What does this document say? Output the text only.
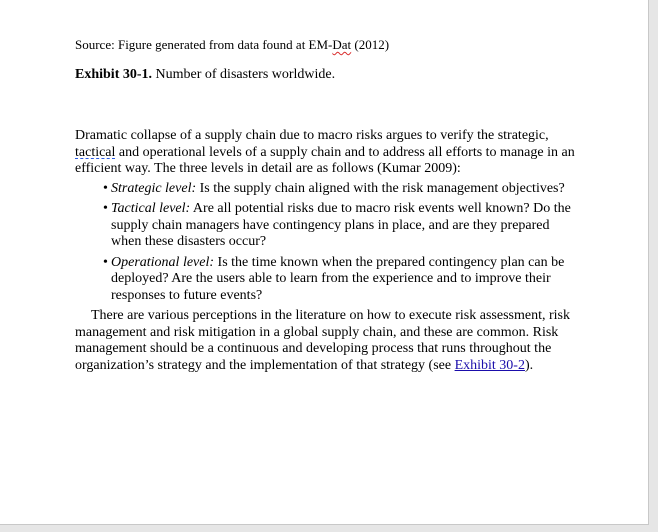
Source: Figure generated from data found at EM-Dat (2012)

Exhibit 30-1. Number of disasters worldwide.

Dramatic collapse of a supply chain due to macro risks argues to verify the strategic, tactical and operational levels of a supply chain and to address all efforts to manage in an efficient way. The three levels in detail are as follows (Kumar 2009):

• Strategic level: Is the supply chain aligned with the risk management objectives?
• Tactical level: Are all potential risks due to macro risk events well known? Do the supply chain managers have contingency plans in place, and are they prepared when these disasters occur?
• Operational level: Is the time known when the prepared contingency plan can be deployed? Are the users able to learn from the experience and to improve their responses to future events?

There are various perceptions in the literature on how to execute risk assessment, risk management and risk mitigation in a global supply chain, and these are common. Risk management should be a continuous and developing process that runs throughout the organization’s strategy and the implementation of that strategy (see Exhibit 30-2).
